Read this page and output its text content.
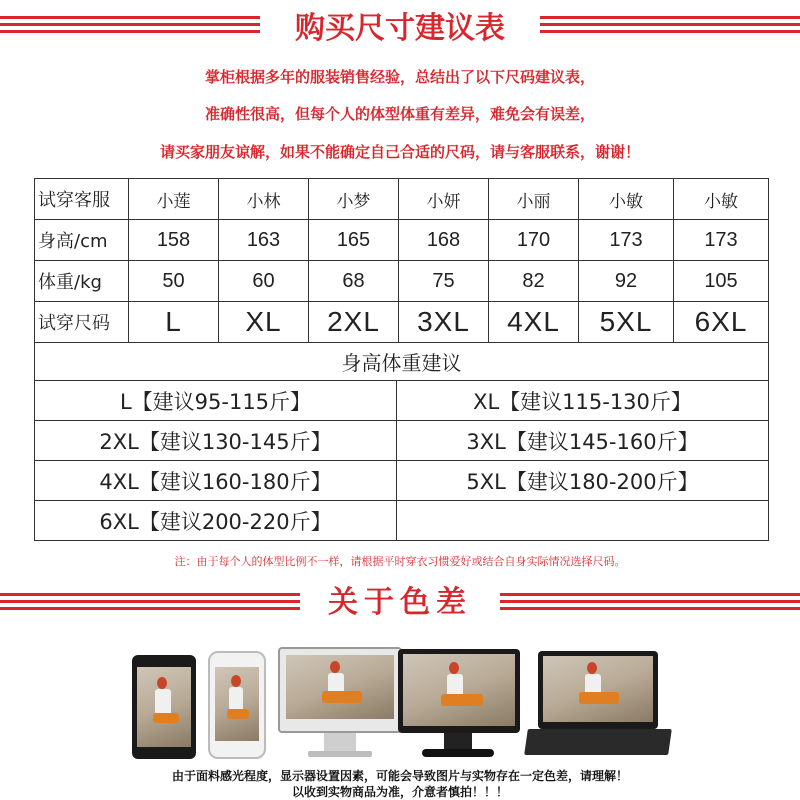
购买尺寸建议表
掌柜根据多年的服装销售经验，总结出了以下尺码建议表，
准确性很高，但每个人的体型体重有差异，难免会有误差，
请买家朋友谅解，如果不能确定自己合适的尺码，请与客服联系，谢谢！
试穿客服	小莲	小林	小梦	小妍	小丽	小敏	小敏
身高/cm	158	163	165	168	170	173	173
体重/kg	50	60	68	75	82	92	105
试穿尺码	L	XL	2XL	3XL	4XL	5XL	6XL
身高体重建议	
L【建议95-115斤】	XL【建议115-130斤】
2XL【建议130-145斤】	3XL【建议145-160斤】
4XL【建议160-180斤】	5XL【建议180-200斤】
6XL【建议200-220斤】	
注：由于每个人的体型比例不一样，请根据平时穿衣习惯爱好或结合自身实际情况选择尺码。
关于色差
由于面料感光程度，显示器设置因素，可能会导致图片与实物存在一定色差，请理解！
以收到实物商品为准，介意者慎拍！！！
